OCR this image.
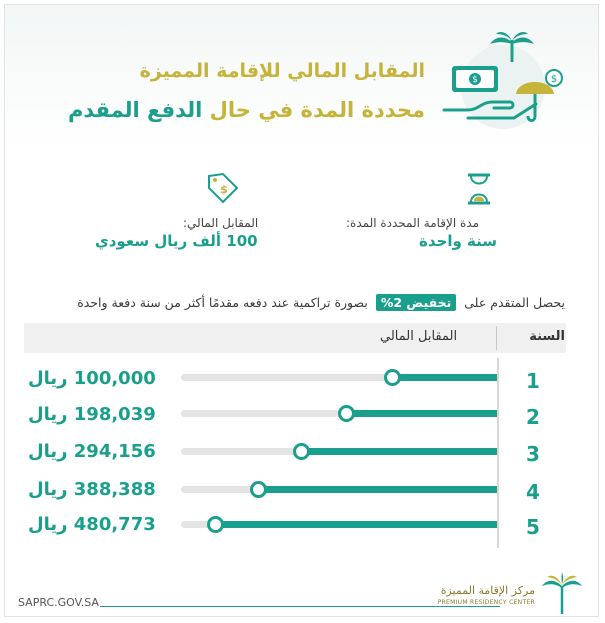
$	$
المقابل المالي للإقامة المميزة
محددة المدة في حال الدفع المقدم
$
المقابل المالي:
100 ألف ريال سعودي
مدة الإقامة المحددة المدة:
سنة واحدة
يحصل المتقدم على تخفيض 2% بصورة تراكمية عند دفعه مقدمًا أكثر من سنة دفعة واحدة
السنة
المقابل المالي
1
100,000 ريال
2
198,039 ريال
3
294,156 ريال
4
388,388 ريال
5
480,773 ريال
SAPRC.GOV.SA
مركز الإقامة المميزة
PREMIUM RESIDENCY CENTER
